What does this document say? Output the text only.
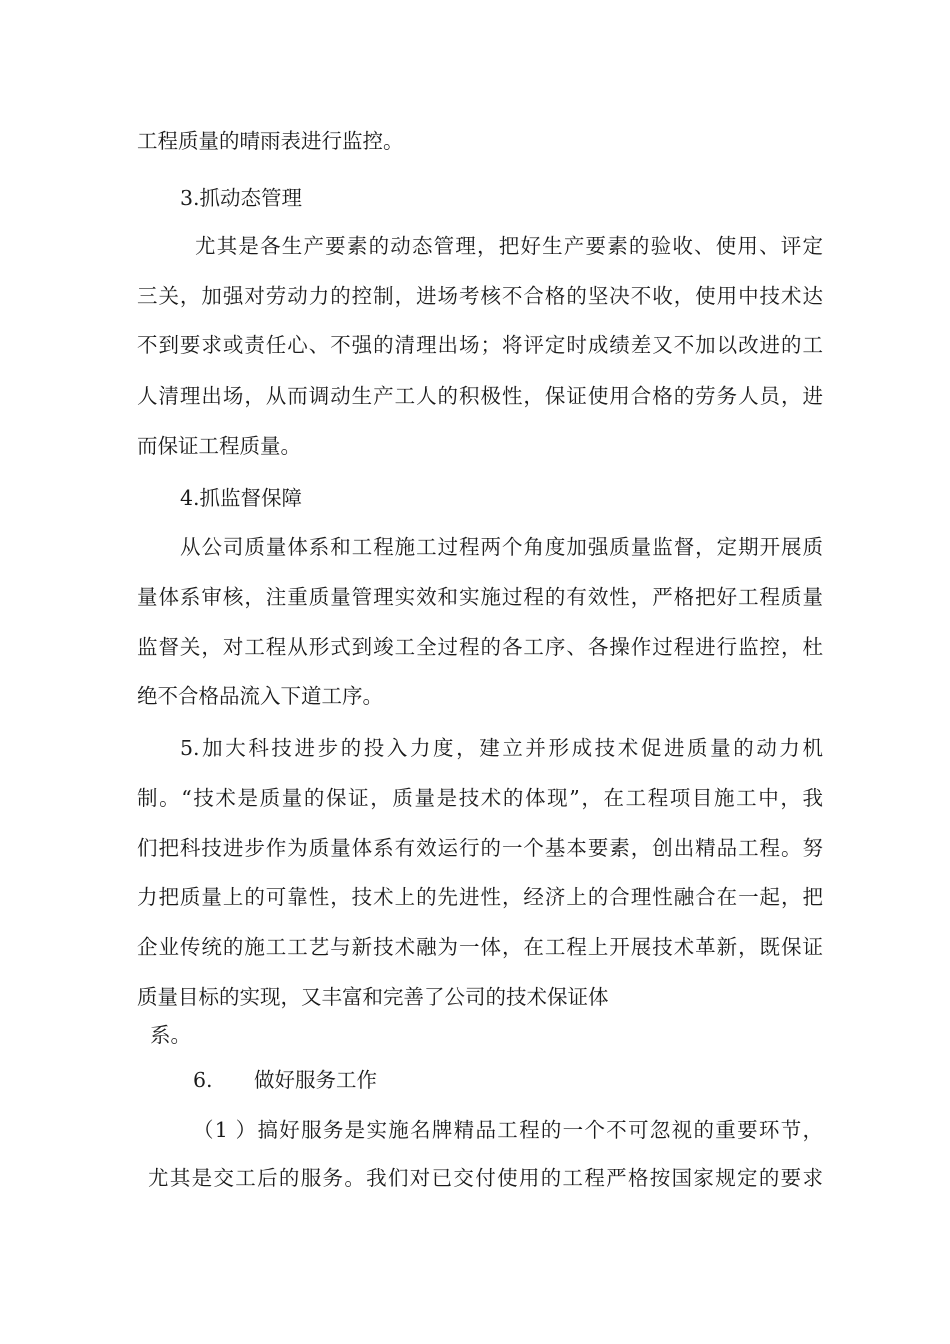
工程质量的晴雨表进行监控。
3.抓动态管理
尤其是各生产要素的动态管理，把好生产要素的验收、使用、评定
三关，加强对劳动力的控制，进场考核不合格的坚决不收，使用中技术达
不到要求或责任心、不强的清理出场；将评定时成绩差又不加以改进的工
人清理出场，从而调动生产工人的积极性，保证使用合格的劳务人员，进
而保证工程质量。
4.抓监督保障
从公司质量体系和工程施工过程两个角度加强质量监督，定期开展质
量体系审核，注重质量管理实效和实施过程的有效性，严格把好工程质量
监督关，对工程从形式到竣工全过程的各工序、各操作过程进行监控，杜
绝不合格品流入下道工序。
5.加大科技进步的投入力度，建立并形成技术促进质量的动力机
制。“技术是质量的保证，质量是技术的体现”，在工程项目施工中，我
们把科技进步作为质量体系有效运行的一个基本要素，创出精品工程。努
力把质量上的可靠性，技术上的先进性，经济上的合理性融合在一起，把
企业传统的施工工艺与新技术融为一体，在工程上开展技术革新，既保证
质量目标的实现，又丰富和完善了公司的技术保证体
系。
6. 做好服务工作
（1 ）搞好服务是实施名牌精品工程的一个不可忽视的重要环节，
尤其是交工后的服务。我们对已交付使用的工程严格按国家规定的要求
